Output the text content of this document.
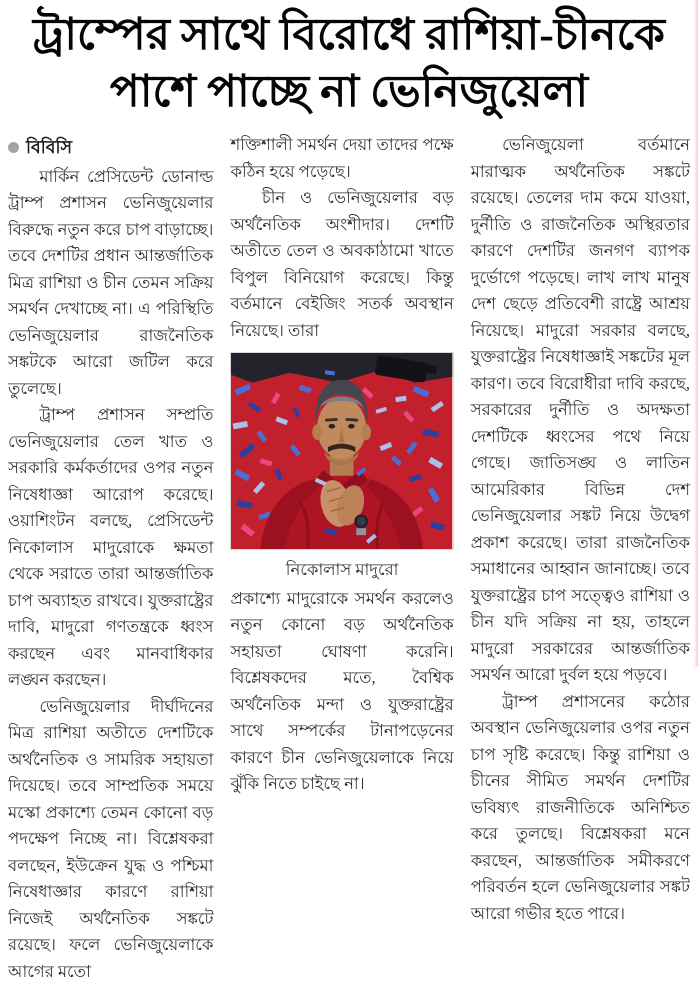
ট্রাম্পের সাথে বিরোধে রাশিয়া-চীনকে
পাশে পাচ্ছে না ভেনিজুয়েলা
বিবিসি

মার্কিন প্রেসিডেন্ট ডোনাল্ড ট্রাম্প প্রশাসন ভেনিজুয়েলার বিরুদ্ধে নতুন করে চাপ বাড়াচ্ছে। তবে দেশটির প্রধান আন্তর্জাতিক মিত্র রাশিয়া ও চীন তেমন সক্রিয় সমর্থন দেখাচ্ছে না। এ পরিস্থিতি ভেনিজুয়েলার রাজনৈতিক সঙ্কটকে আরো জটিল করে তুলেছে।

ট্রাম্প প্রশাসন সম্প্রতি ভেনিজুয়েলার তেল খাত ও সরকারি কর্মকর্তাদের ওপর নতুন নিষেধাজ্ঞা আরোপ করেছে। ওয়াশিংটন বলছে, প্রেসিডেন্ট নিকোলাস মাদুরোকে ক্ষমতা থেকে সরাতে তারা আন্তর্জাতিক চাপ অব্যাহত রাখবে। যুক্তরাষ্ট্রের দাবি, মাদুরো গণতন্ত্রকে ধ্বংস করছেন এবং মানবাধিকার লঙ্ঘন করছেন।

ভেনিজুয়েলার দীর্ঘদিনের মিত্র রাশিয়া অতীতে দেশটিকে অর্থনৈতিক ও সামরিক সহায়তা দিয়েছে। তবে সাম্প্রতিক সময়ে মস্কো প্রকাশ্যে তেমন কোনো বড় পদক্ষেপ নিচ্ছে না। বিশ্লেষকরা বলছেন, ইউক্রেন যুদ্ধ ও পশ্চিমা নিষেধাজ্ঞার কারণে রাশিয়া নিজেই অর্থনৈতিক সঙ্কটে রয়েছে। ফলে ভেনিজুয়েলাকে আগের মতো

শক্তিশালী সমর্থন দেয়া তাদের পক্ষে কঠিন হয়ে পড়েছে।

চীন ও ভেনিজুয়েলার বড় অর্থনৈতিক অংশীদার। দেশটি অতীতে তেল ও অবকাঠামো খাতে বিপুল বিনিয়োগ করেছে। কিন্তু বর্তমানে বেইজিং সতর্ক অবস্থান নিয়েছে। তারা

নিকোলাস মাদুরো

প্রকাশ্যে মাদুরোকে সমর্থন করলেও নতুন কোনো বড় অর্থনৈতিক সহায়তা ঘোষণা করেনি। বিশ্লেষকদের মতে, বৈশ্বিক অর্থনৈতিক মন্দা ও যুক্তরাষ্ট্রের সাথে সম্পর্কের টানাপড়েনের কারণে চীন ভেনিজুয়েলাকে নিয়ে ঝুঁকি নিতে চাইছে না।

ভেনিজুয়েলা বর্তমানে মারাত্মক অর্থনৈতিক সঙ্কটে রয়েছে। তেলের দাম কমে যাওয়া, দুর্নীতি ও রাজনৈতিক অস্থিরতার কারণে দেশটির জনগণ ব্যাপক দুর্ভোগে পড়েছে। লাখ লাখ মানুষ দেশ ছেড়ে প্রতিবেশী রাষ্ট্রে আশ্রয় নিয়েছে। মাদুরো সরকার বলছে, যুক্তরাষ্ট্রের নিষেধাজ্ঞাই সঙ্কটের মূল কারণ। তবে বিরোধীরা দাবি করছে, সরকারের দুর্নীতি ও অদক্ষতা দেশটিকে ধ্বংসের পথে নিয়ে গেছে। জাতিসঙ্ঘ ও লাতিন আমেরিকার বিভিন্ন দেশ ভেনিজুয়েলার সঙ্কট নিয়ে উদ্বেগ প্রকাশ করেছে। তারা রাজনৈতিক সমাধানের আহ্বান জানাচ্ছে। তবে যুক্তরাষ্ট্রের চাপ সত্ত্বেও রাশিয়া ও চীন যদি সক্রিয় না হয়, তাহলে মাদুরো সরকারের আন্তর্জাতিক সমর্থন আরো দুর্বল হয়ে পড়বে।

ট্রাম্প প্রশাসনের কঠোর অবস্থান ভেনিজুয়েলার ওপর নতুন চাপ সৃষ্টি করেছে। কিন্তু রাশিয়া ও চীনের সীমিত সমর্থন দেশটির ভবিষ্যৎ রাজনীতিকে অনিশ্চিত করে তুলছে। বিশ্লেষকরা মনে করছেন, আন্তর্জাতিক সমীকরণে পরিবর্তন হলে ভেনিজুয়েলার সঙ্কট আরো গভীর হতে পারে।
